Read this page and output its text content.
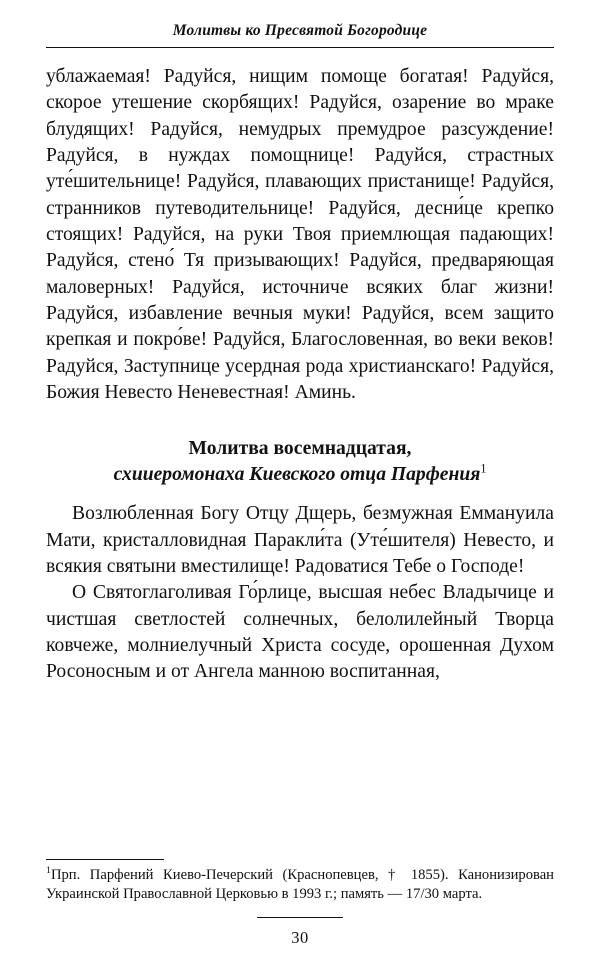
Молитвы ко Пресвятой Богородице

ублажаемая! Радуйся, нищим помоще богатая! Радуйся, скорое утешение скорбящих! Радуйся, озарение во мраке блудящих! Радуйся, немудрых премудрое разсуждение! Радуйся, в нуждах помощнице! Радуйся, страстных уте́шительнице! Радуйся, плавающих пристанище! Радуйся, странников путеводительнице! Радуйся, десни́це крепко стоящих! Радуйся, на руки Твоя приемлющая падающих! Радуйся, стено́ Тя призывающих! Радуйся, предваряющая маловерных! Радуйся, источниче всяких благ жизни! Радуйся, избавление вечныя муки! Радуйся, всем защито крепкая и покро́ве! Радуйся, Благословенная, во веки веков! Радуйся, Заступнице усердная рода христианскаго! Радуйся, Божия Невесто Неневестная! Аминь.

Молитва восемнадцатая,
схииеромонаха Киевского отца Парфения$^1$

Возлюбленная Богу Отцу Дщерь, безмужная Еммануила Мати, кристалловидная Паракли́та (Уте́шителя) Невесто, и всякия святыни вместилище! Радоватися Тебе о Господе!

О Святоглаголивая Го́рлице, высшая небес Владычице и чистшая светлостей солнечных, белолилейный Творца ковчеже, молниелучный Христа сосуде, орошенная Духом Росоносным и от Ангела манною воспитанная,

$^1$Прп. Парфений Киево-Печерский (Краснопевцев, † 1855). Канонизирован Украинской Православной Церковью в 1993 г.; память — 17/30 марта.
30
